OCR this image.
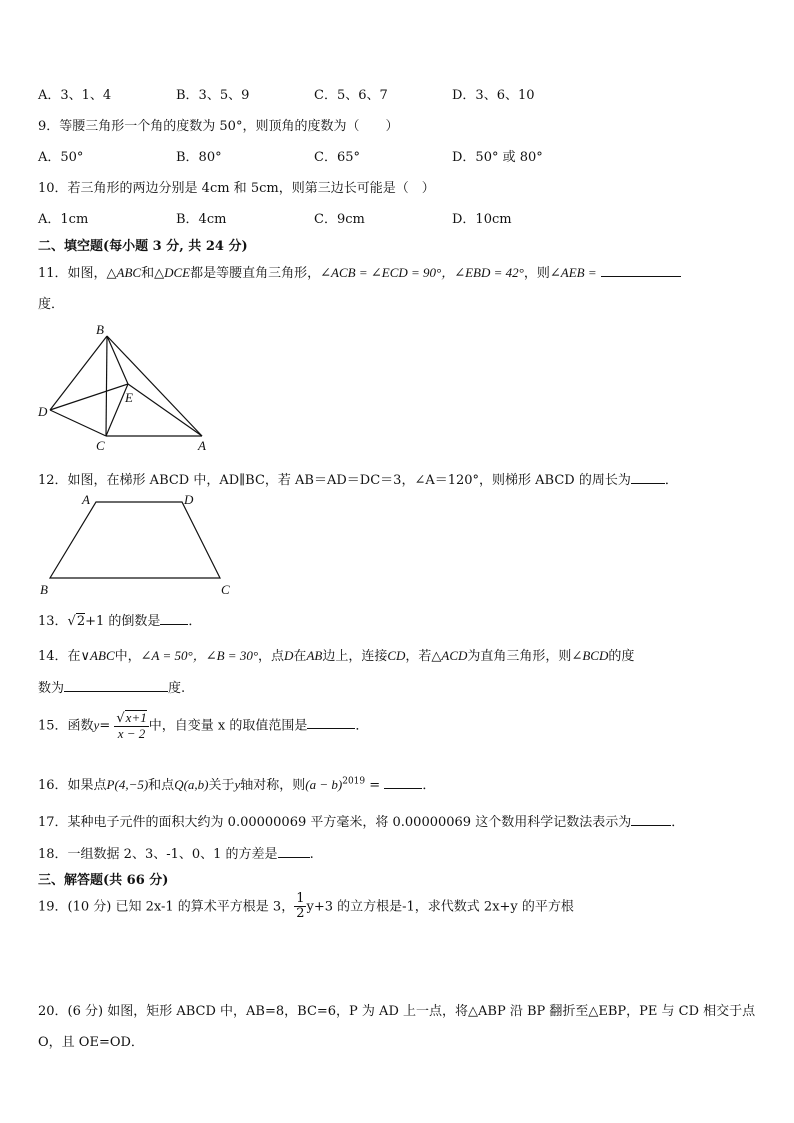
A．3、1、4	B．3、5、9	C．5、6、7	D．3、6、10
9．等腰三角形一个角的度数为 50°，则顶角的度数为（　　）
A．50°	B．80°	C．65°	D．50° 或 80°
10．若三角形的两边分别是 4cm 和 5cm，则第三边长可能是（　）
A．1cm	B．4cm	C．9cm	D．10cm
二、填空题(每小题 3 分, 共 24 分)
11．如图，△ABC和△DCE都是等腰直角三角形，∠ACB = ∠ECD = 90°，∠EBD = 42°，则∠AEB =
度．
B
D
E
C	A
12．如图，在梯形 ABCD 中，AD∥BC，若 AB＝AD＝DC＝3，∠A＝120°，则梯形 ABCD 的周长为	．
A	D
B	C
13．√2+1 的倒数是 ．
14．在∨ABC中，∠A = 50°，∠B = 30°，点D在AB边上，连接CD，若△ACD为直角三角形，则∠BCD的度
数为	度.
15．函数$y= \frac{√x+1}{x - 2}$ 中，自变量 x 的取值范围是	．
16．如果点P(4,−5)和点Q(a,b)关于y轴对称，则$(a - b)^{2019}$ =	．
17．某种电子元件的面积大约为 0.00000069 平方毫米，将 0.00000069 这个数用科学记数法表示为	．
18．一组数据 2、3、-1、0、1 的方差是 .
三、解答题(共 66 分)
19．(10 分) 已知 2x-1 的算术平方根是 3， $\frac{1}{2} y+3$ 的立方根是-1，求代数式 2x+y 的平方根
20．(6 分) 如图，矩形 ABCD 中，AB=8，BC=6，P 为 AD 上一点，将△ABP 沿 BP 翻折至△EBP，PE 与 CD 相交于点
O，且 OE=OD．
